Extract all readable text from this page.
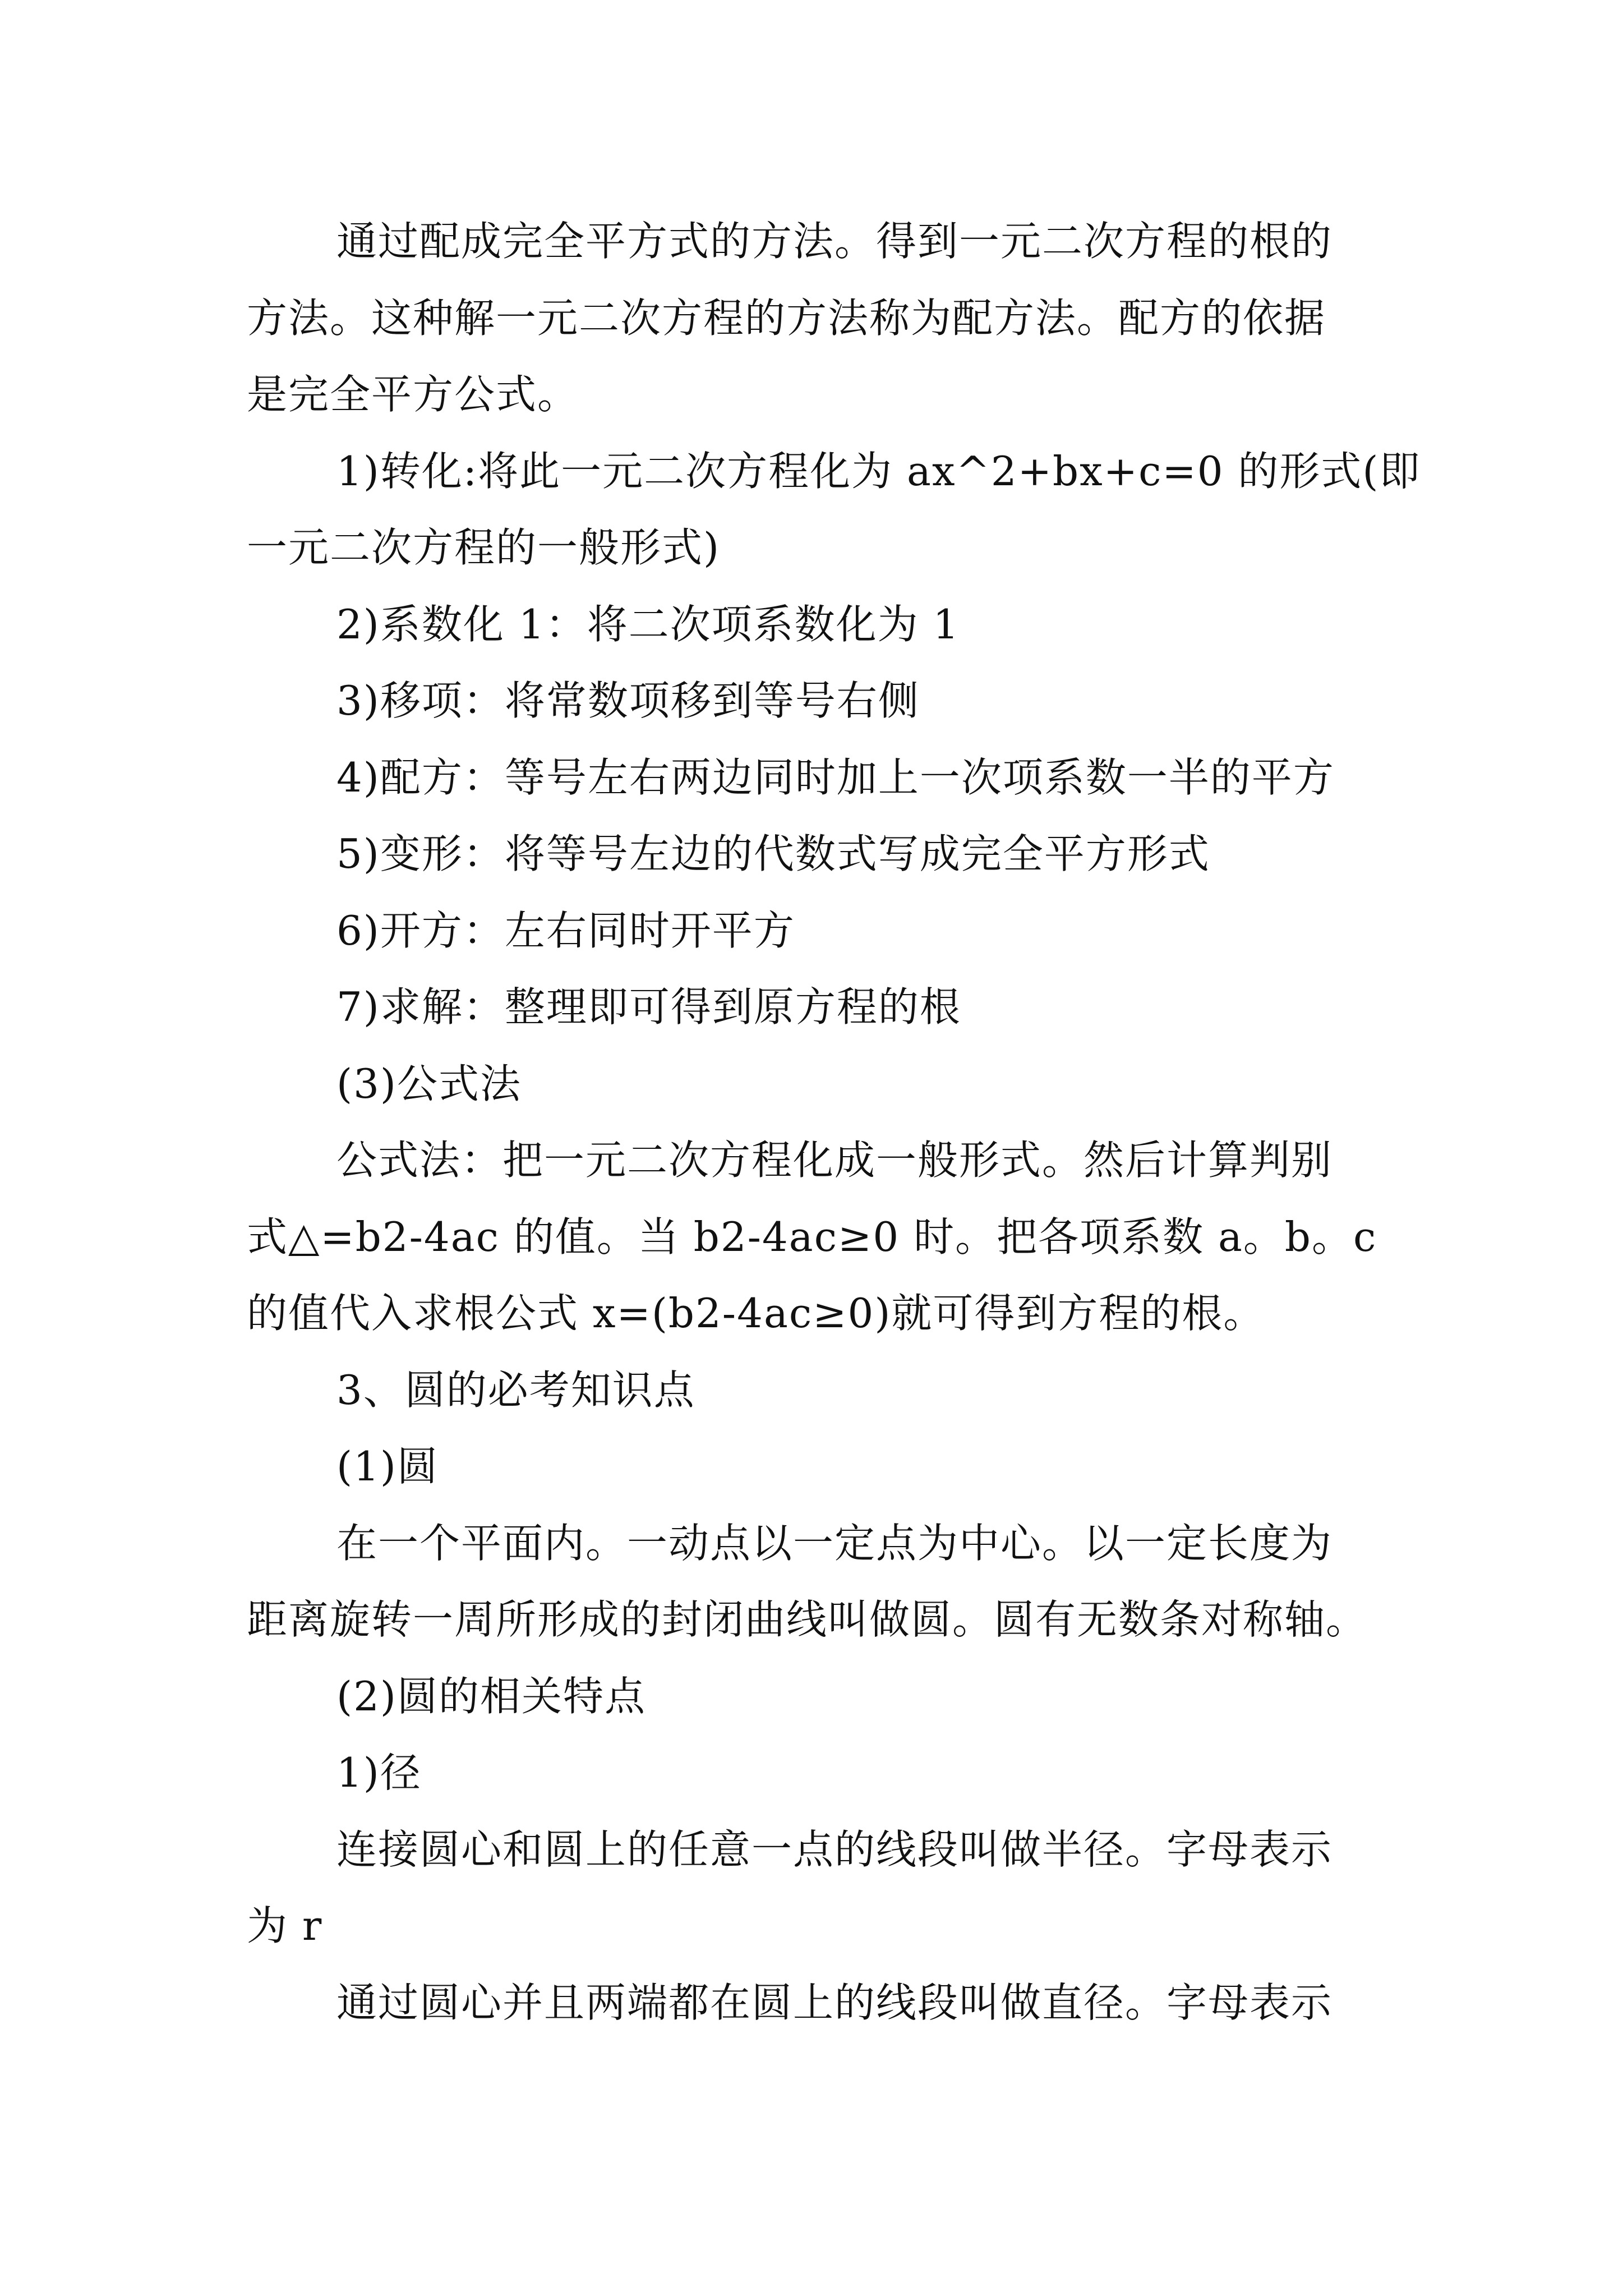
通过配成完全平方式的方法。得到一元二次方程的根的
方法。这种解一元二次方程的方法称为配方法。配方的依据
是完全平方公式。
1)转化:将此一元二次方程化为 ax^2+bx+c=0 的形式(即
一元二次方程的一般形式)
2)系数化 1：将二次项系数化为 1
3)移项：将常数项移到等号右侧
4)配方：等号左右两边同时加上一次项系数一半的平方
5)变形：将等号左边的代数式写成完全平方形式
6)开方：左右同时开平方
7)求解：整理即可得到原方程的根
(3)公式法
公式法：把一元二次方程化成一般形式。然后计算判别
式△=b2-4ac 的值。当 b2-4ac≥0 时。把各项系数 a。b。c
的值代入求根公式 x=(b2-4ac≥0)就可得到方程的根。
3、圆的必考知识点
(1)圆
在一个平面内。一动点以一定点为中心。以一定长度为
距离旋转一周所形成的封闭曲线叫做圆。圆有无数条对称轴。
(2)圆的相关特点
1)径
连接圆心和圆上的任意一点的线段叫做半径。字母表示
为 r
通过圆心并且两端都在圆上的线段叫做直径。字母表示
